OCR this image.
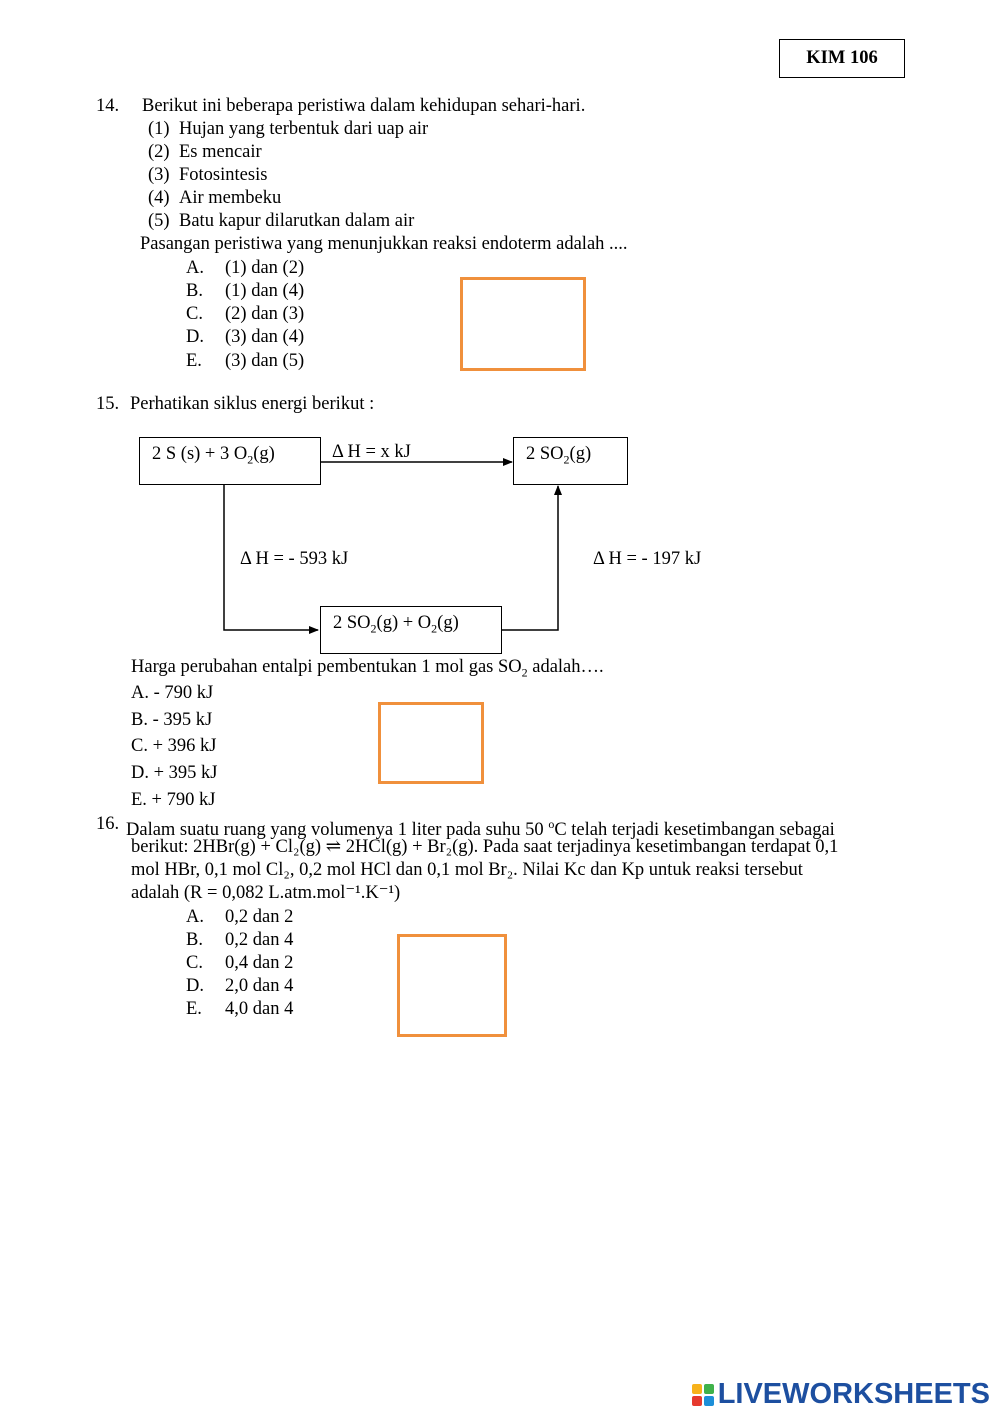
KIM 106
14. Berikut ini beberapa peristiwa dalam kehidupan sehari-hari.
(1) Hujan yang terbentuk dari uap air
(2) Es mencair
(3) Fotosintesis
(4) Air membeku
(5) Batu kapur dilarutkan dalam air
Pasangan peristiwa yang menunjukkan reaksi endoterm adalah ....
A. (1) dan (2)
B. (1) dan (4)
C. (2) dan (3)
D. (3) dan (4)
E. (3) dan (5)
15. Perhatikan siklus energi berikut :
2 S (s) + 3 $O_2(g)$	2 $SO_2(g)$
2 $SO_2(g) + O_2(g)$
Δ H = x kJ
Δ H = - 593 kJ	Δ H = - 197 kJ
Harga perubahan entalpi pembentukan 1 mol gas $SO_2$ adalah….
A. - 790 kJ
B. - 395 kJ
C. + 396 kJ
D. + 395 kJ
E. + 790 kJ
16. Dalam suatu ruang yang volumenya 1 liter pada suhu 50 $^o$C telah terjadi kesetimbangan sebagai
berikut: 2HBr(g) + Cl₂(g) ⇌ 2HCl(g) + Br₂(g). Pada saat terjadinya kesetimbangan terdapat 0,1
mol HBr, 0,1 mol Cl₂, 0,2 mol HCl dan 0,1 mol Br₂. Nilai Kc dan Kp untuk reaksi tersebut
adalah (R = 0,082 L.atm.mol⁻¹.K⁻¹)
A. 0,2 dan 2
B. 0,2 dan 4
C. 0,4 dan 2
D. 2,0 dan 4
E. 4,0 dan 4
LIVEWORKSHEETS
